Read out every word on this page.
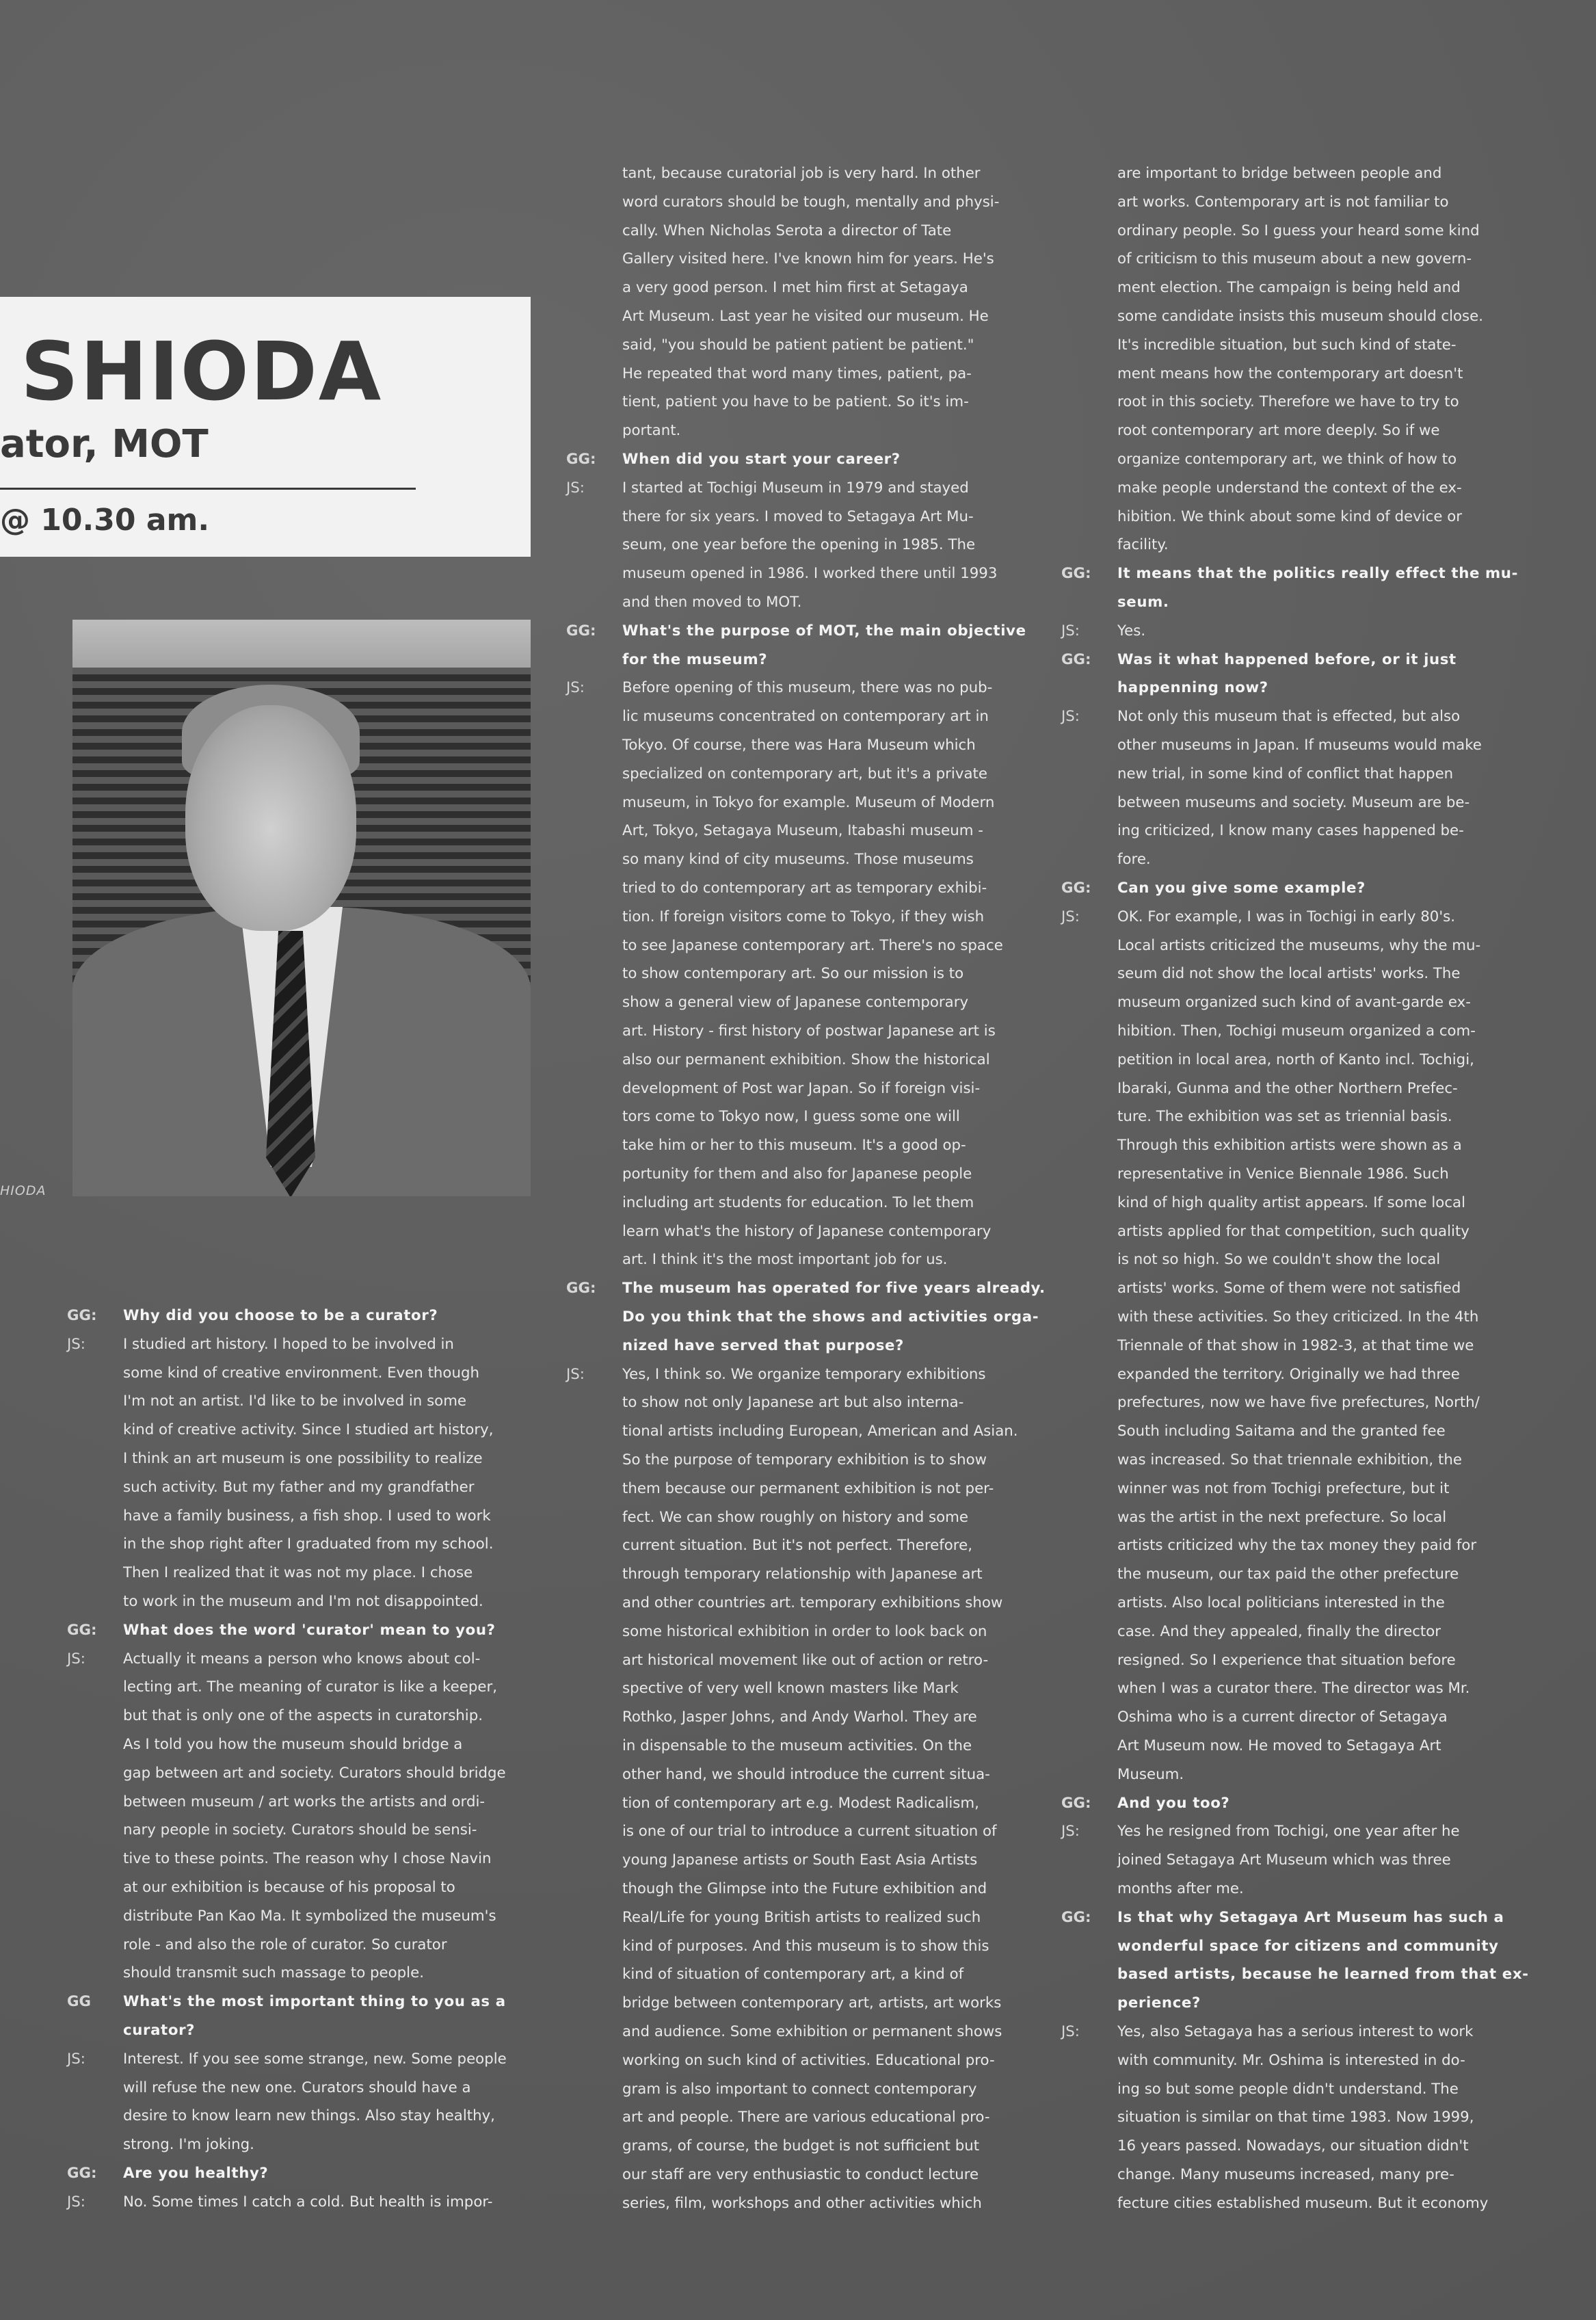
SHIODA
ator, MOT
@ 10.30 am.
HIODA
GG: Why did you choose to be a curator?
JS:	I studied art history. I hoped to be involved in
some kind of creative environment. Even though
I'm not an artist. I'd like to be involved in some
kind of creative activity. Since I studied art history,
I think an art museum is one possibility to realize
such activity. But my father and my grandfather
have a family business, a fish shop. I used to work
in the shop right after I graduated from my school.
Then I realized that it was not my place. I chose
to work in the museum and I'm not disappointed.
GG: What does the word 'curator' mean to you?
JS:	Actually it means a person who knows about col-
lecting art. The meaning of curator is like a keeper,
but that is only one of the aspects in curatorship.
As I told you how the museum should bridge a
gap between art and society. Curators should bridge
between museum / art works the artists and ordi-
nary people in society. Curators should be sensi-
tive to these points. The reason why I chose Navin
at our exhibition is because of his proposal to
distribute Pan Kao Ma. It symbolized the museum's
role - and also the role of curator. So curator
should transmit such massage to people.
GG What's the most important thing to you as a
curator?
JS:	Interest. If you see some strange, new. Some people
will refuse the new one. Curators should have a
desire to know learn new things. Also stay healthy,
strong. I'm joking.
GG: Are you healthy?
JS:	No. Some times I catch a cold. But health is impor-
tant, because curatorial job is very hard. In other
word curators should be tough, mentally and physi-
cally. When Nicholas Serota a director of Tate
Gallery visited here. I've known him for years. He's
a very good person. I met him first at Setagaya
Art Museum. Last year he visited our museum. He
said, "you should be patient patient be patient."
He repeated that word many times, patient, pa-
tient, patient you have to be patient. So it's im-
portant.
GG: When did you start your career?
JS:	I started at Tochigi Museum in 1979 and stayed
there for six years. I moved to Setagaya Art Mu-
seum, one year before the opening in 1985. The
museum opened in 1986. I worked there until 1993
and then moved to MOT.
GG: What's the purpose of MOT, the main objective
for the museum?
JS:	Before opening of this museum, there was no pub-
lic museums concentrated on contemporary art in
Tokyo. Of course, there was Hara Museum which
specialized on contemporary art, but it's a private
museum, in Tokyo for example. Museum of Modern
Art, Tokyo, Setagaya Museum, Itabashi museum -
so many kind of city museums. Those museums
tried to do contemporary art as temporary exhibi-
tion. If foreign visitors come to Tokyo, if they wish
to see Japanese contemporary art. There's no space
to show contemporary art. So our mission is to
show a general view of Japanese contemporary
art. History - first history of postwar Japanese art is
also our permanent exhibition. Show the historical
development of Post war Japan. So if foreign visi-
tors come to Tokyo now, I guess some one will
take him or her to this museum. It's a good op-
portunity for them and also for Japanese people
including art students for education. To let them
learn what's the history of Japanese contemporary
art. I think it's the most important job for us.
GG: The museum has operated for five years already.
Do you think that the shows and activities orga-
nized have served that purpose?
JS:	Yes, I think so. We organize temporary exhibitions
to show not only Japanese art but also interna-
tional artists including European, American and Asian.
So the purpose of temporary exhibition is to show
them because our permanent exhibition is not per-
fect. We can show roughly on history and some
current situation. But it's not perfect. Therefore,
through temporary relationship with Japanese art
and other countries art. temporary exhibitions show
some historical exhibition in order to look back on
art historical movement like out of action or retro-
spective of very well known masters like Mark
Rothko, Jasper Johns, and Andy Warhol. They are
in dispensable to the museum activities. On the
other hand, we should introduce the current situa-
tion of contemporary art e.g. Modest Radicalism,
is one of our trial to introduce a current situation of
young Japanese artists or South East Asia Artists
though the Glimpse into the Future exhibition and
Real/Life for young British artists to realized such
kind of purposes. And this museum is to show this
kind of situation of contemporary art, a kind of
bridge between contemporary art, artists, art works
and audience. Some exhibition or permanent shows
working on such kind of activities. Educational pro-
gram is also important to connect contemporary
art and people. There are various educational pro-
grams, of course, the budget is not sufficient but
our staff are very enthusiastic to conduct lecture
series, film, workshops and other activities which
are important to bridge between people and
art works. Contemporary art is not familiar to
ordinary people. So I guess your heard some kind
of criticism to this museum about a new govern-
ment election. The campaign is being held and
some candidate insists this museum should close.
It's incredible situation, but such kind of state-
ment means how the contemporary art doesn't
root in this society. Therefore we have to try to
root contemporary art more deeply. So if we
organize contemporary art, we think of how to
make people understand the context of the ex-
hibition. We think about some kind of device or
facility.
GG: It means that the politics really effect the mu-
seum.
JS:	Yes.
GG: Was it what happened before, or it just
happenning now?
JS:	Not only this museum that is effected, but also
other museums in Japan. If museums would make
new trial, in some kind of conflict that happen
between museums and society. Museum are be-
ing criticized, I know many cases happened be-
fore.
GG: Can you give some example?
JS:	OK. For example, I was in Tochigi in early 80's.
Local artists criticized the museums, why the mu-
seum did not show the local artists' works. The
museum organized such kind of avant-garde ex-
hibition. Then, Tochigi museum organized a com-
petition in local area, north of Kanto incl. Tochigi,
Ibaraki, Gunma and the other Northern Prefec-
ture. The exhibition was set as triennial basis.
Through this exhibition artists were shown as a
representative in Venice Biennale 1986. Such
kind of high quality artist appears. If some local
artists applied for that competition, such quality
is not so high. So we couldn't show the local
artists' works. Some of them were not satisfied
with these activities. So they criticized. In the 4th
Triennale of that show in 1982-3, at that time we
expanded the territory. Originally we had three
prefectures, now we have five prefectures, North/
South including Saitama and the granted fee
was increased. So that triennale exhibition, the
winner was not from Tochigi prefecture, but it
was the artist in the next prefecture. So local
artists criticized why the tax money they paid for
the museum, our tax paid the other prefecture
artists. Also local politicians interested in the
case. And they appealed, finally the director
resigned. So I experience that situation before
when I was a curator there. The director was Mr.
Oshima who is a current director of Setagaya
Art Museum now. He moved to Setagaya Art
Museum.
GG: And you too?
JS:	Yes he resigned from Tochigi, one year after he
joined Setagaya Art Museum which was three
months after me.
GG: Is that why Setagaya Art Museum has such a
wonderful space for citizens and community
based artists, because he learned from that ex-
perience?
JS:	Yes, also Setagaya has a serious interest to work
with community. Mr. Oshima is interested in do-
ing so but some people didn't understand. The
situation is similar on that time 1983. Now 1999,
16 years passed. Nowadays, our situation didn't
change. Many museums increased, many pre-
fecture cities established museum. But it economy
